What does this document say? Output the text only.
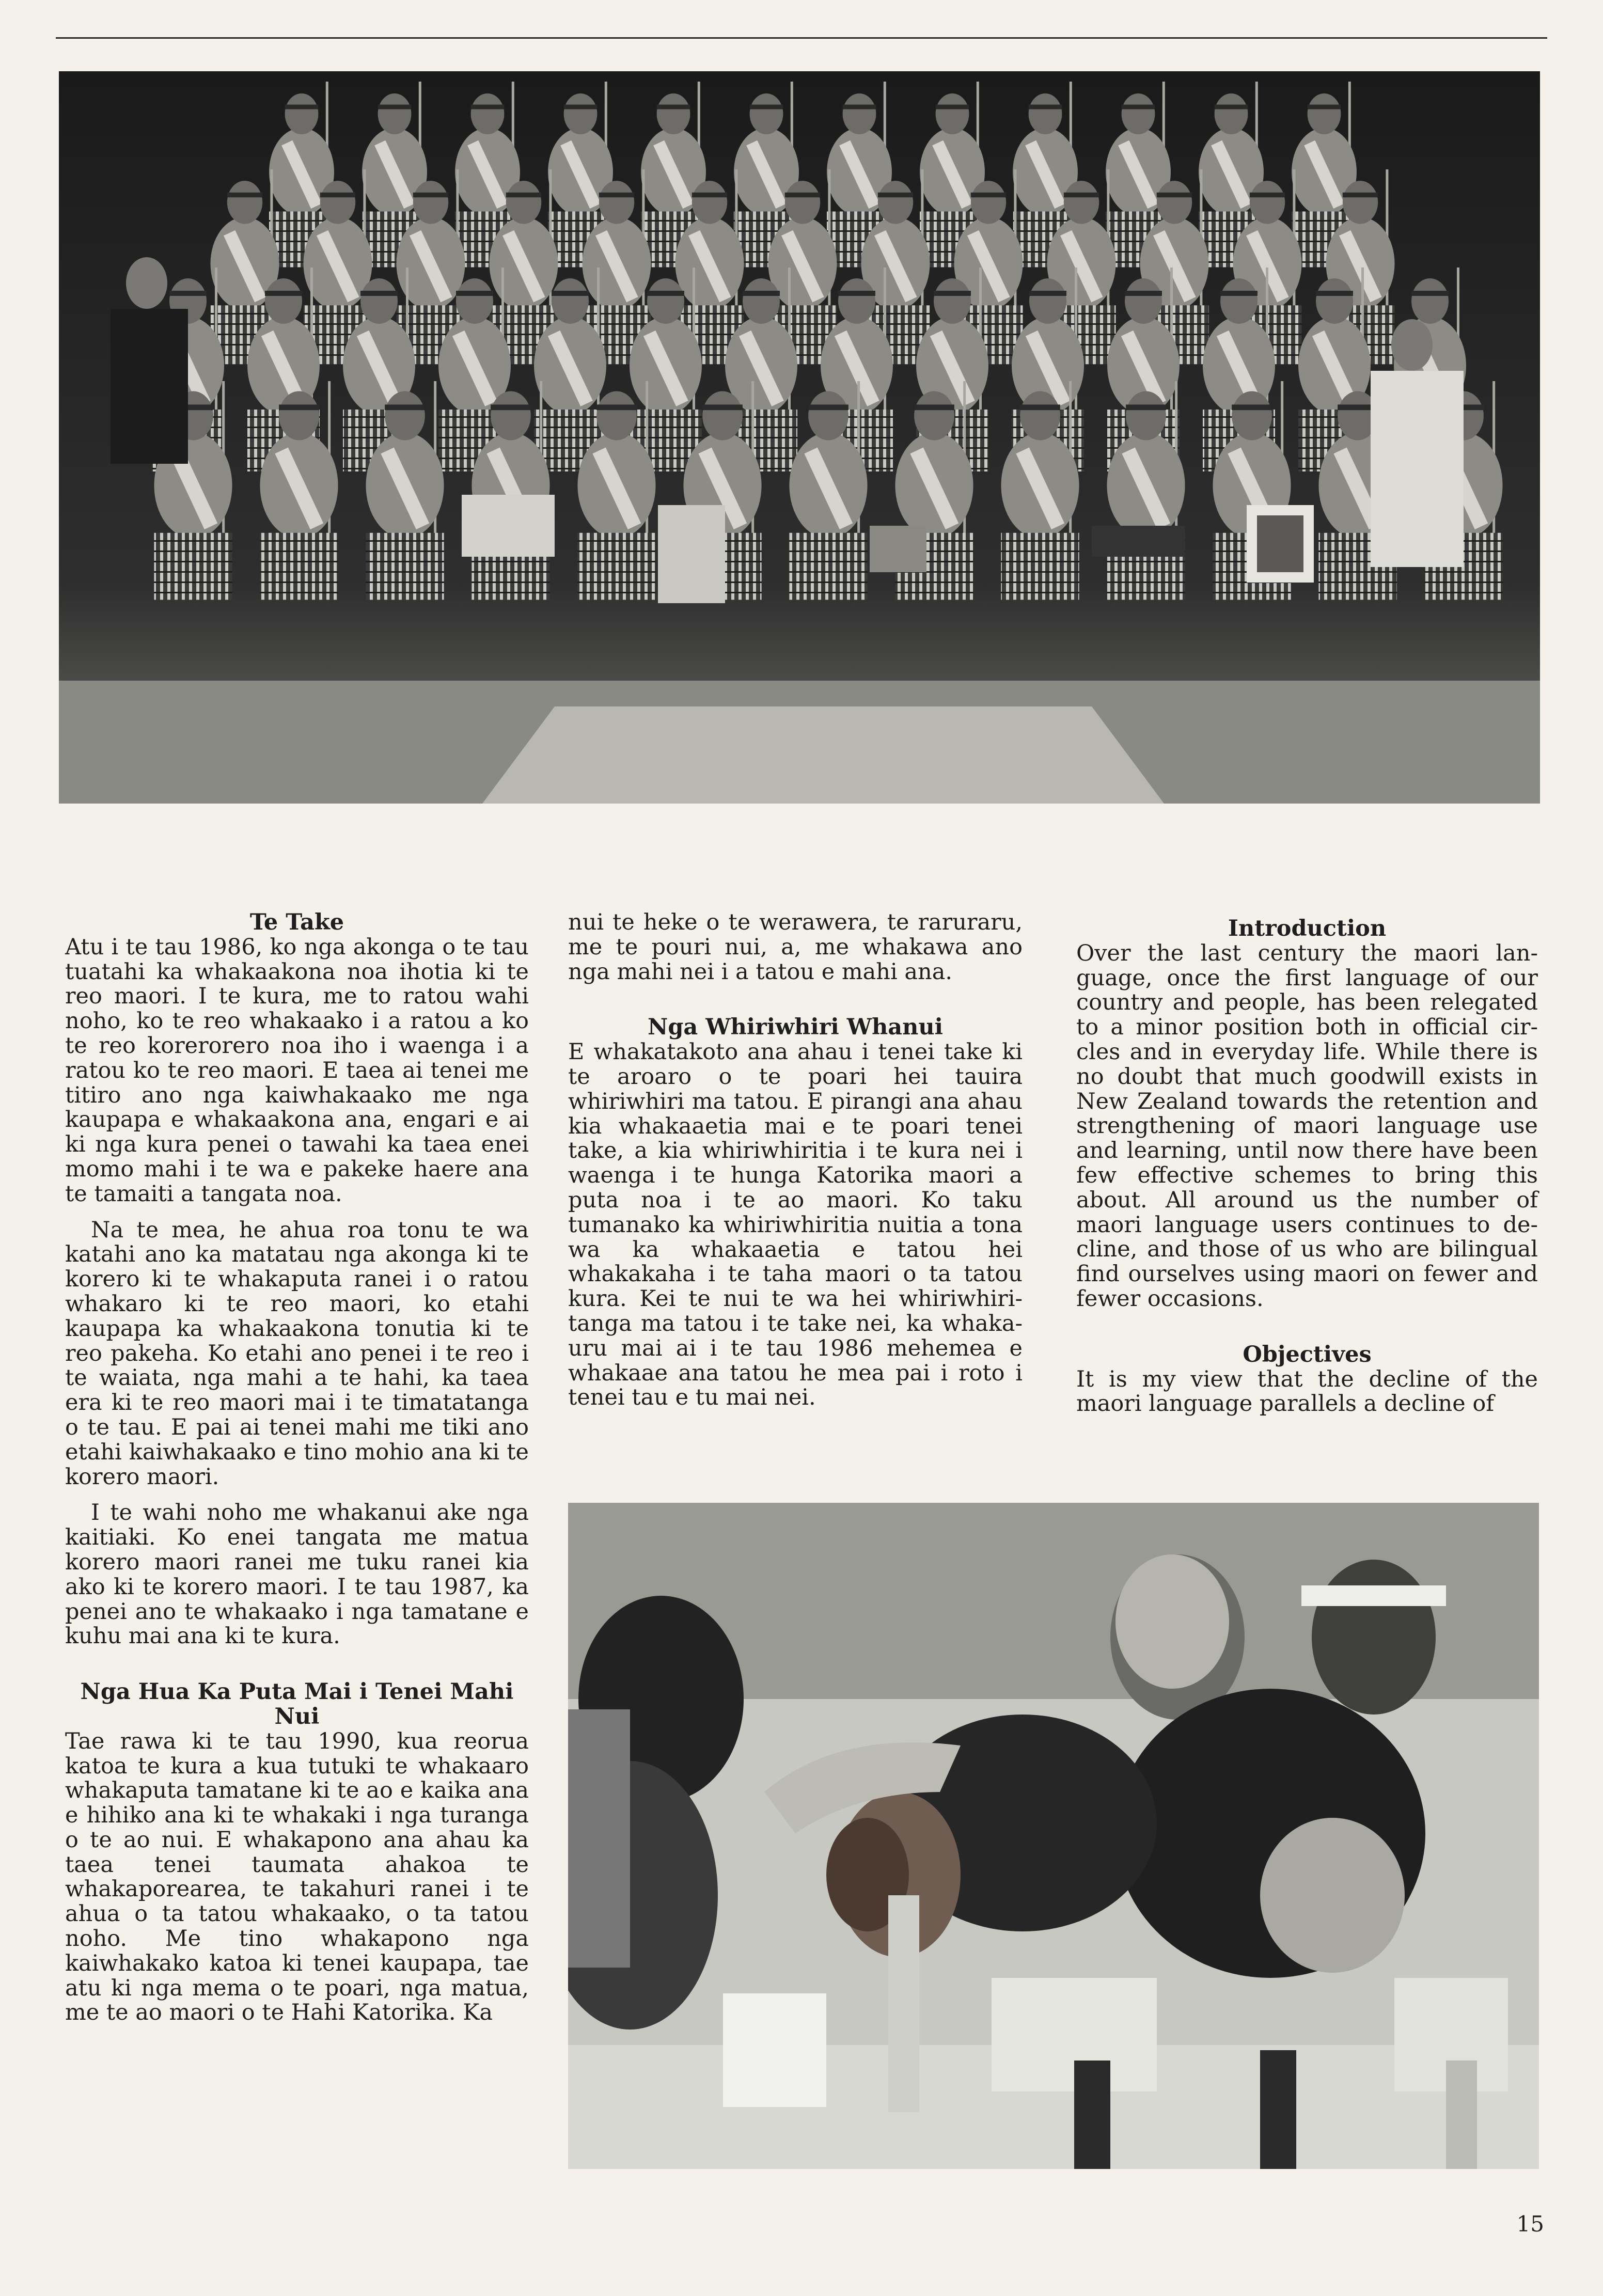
Te Take

Atu i te tau 1986, ko nga akonga o te tau tuatahi ka whakaakona noa ihotia ki te reo maori. I te kura, me to ratou wahi noho, ko te reo whakaako i a ratou a ko te reo korerorero noa iho i waenga i a ratou ko te reo maori. E taea ai tenei me titiro ano nga kaiwhakaako me nga kaupapa e whakaakona ana, engari e ai ki nga kura penei o tawahi ka taea enei momo mahi i te wa e pakeke haere ana te tamaiti a tangata noa.

Na te mea, he ahua roa tonu te wa katahi ano ka matatau nga akonga ki te korero ki te whakaputa ranei i o ratou whakaro ki te reo maori, ko etahi kaupapa ka whakaakona tonutia ki te reo pakeha. Ko etahi ano penei i te reo i te waiata, nga mahi a te hahi, ka taea era ki te reo maori mai i te timatatanga o te tau. E pai ai tenei mahi me tiki ano etahi kaiwhakaako e tino mohio ana ki te korero maori.

I te wahi noho me whakanui ake nga kaitiaki. Ko enei tangata me matua korero maori ranei me tuku ranei kia ako ki te korero maori. I te tau 1987, ka penei ano te whakaako i nga tamatane e kuhu mai ana ki te kura.

Nga Hua Ka Puta Mai i Tenei Mahi Nui

Tae rawa ki te tau 1990, kua reorua katoa te kura a kua tutuki te whakaaro whakaputa tamatane ki te ao e kaika ana e hihiko ana ki te whakaki i nga turanga o te ao nui. E whakapono ana ahau ka taea tenei taumata ahakoa te whakaporearea, te takahuri ranei i te ahua o ta tatou whakaako, o ta tatou noho. Me tino whakapono nga kaiwhakako katoa ki tenei kaupapa, tae atu ki nga mema o te poari, nga matua, me te ao maori o te Hahi Katorika. Ka

nui te heke o te werawera, te raruraru, me te pouri nui, a, me whakawa ano nga mahi nei i a tatou e mahi ana.

Nga Whiriwhiri Whanui

E whakatakoto ana ahau i tenei take ki te aroaro o te poari hei tauira whiriwhiri ma tatou. E pirangi ana ahau kia whakaaetia mai e te poari tenei take, a kia whiriwhiritia i te kura nei i waenga i te hunga Katorika maori a puta noa i te ao maori. Ko taku tumanako ka whiriwhiritia nuitia a tona wa ka whakaaetia e tatou hei whakakaha i te taha maori o ta tatou kura. Kei te nui te wa hei whiriwhiri-tanga ma tatou i te take nei, ka whaka-uru mai ai i te tau 1986 mehemea e whakaae ana tatou he mea pai i roto i tenei tau e tu mai nei.

Introduction

Over the last century the maori lan-guage, once the first language of our country and people, has been relegated to a minor position both in official cir-cles and in everyday life. While there is no doubt that much goodwill exists in New Zealand towards the retention and strengthening of maori language use and learning, until now there have been few effective schemes to bring this about. All around us the number of maori language users continues to de-cline, and those of us who are bilingual find ourselves using maori on fewer and fewer occasions.

Objectives

It is my view that the decline of the maori language parallels a decline of

15
